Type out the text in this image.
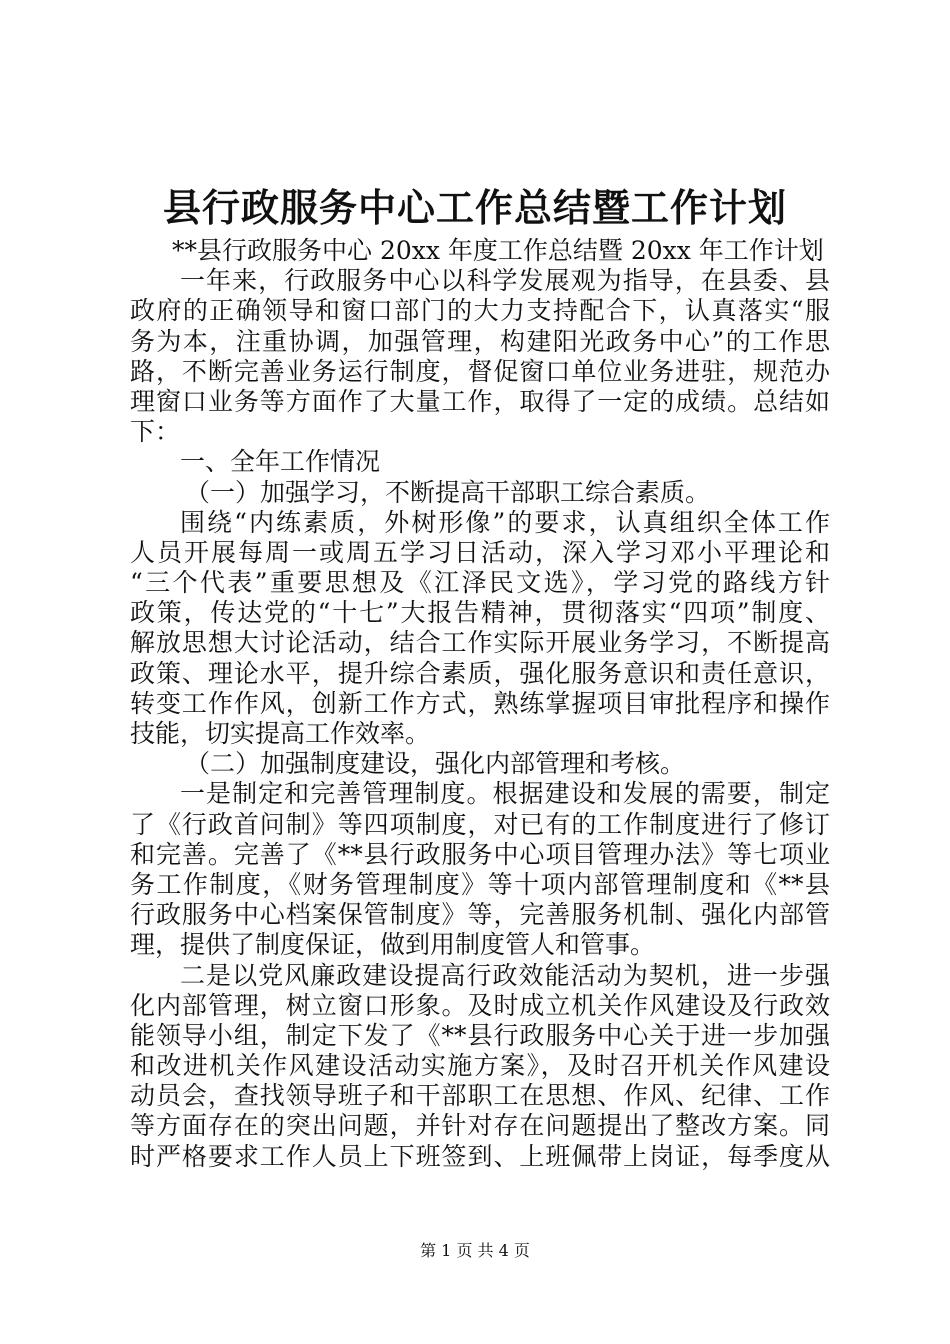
县行政服务中心工作总结暨工作计划
**县行政服务中心 20xx 年度工作总结暨 20xx 年工作计划
一年来，行政服务中心以科学发展观为指导，在县委、县
政府的正确领导和窗口部门的大力支持配合下，认真落实“服
务为本，注重协调，加强管理，构建阳光政务中心”的工作思
路，不断完善业务运行制度，督促窗口单位业务进驻，规范办
理窗口业务等方面作了大量工作，取得了一定的成绩。总结如
下：
一、全年工作情况
（一）加强学习，不断提高干部职工综合素质。
围绕“内练素质，外树形像”的要求，认真组织全体工作
人员开展每周一或周五学习日活动，深入学习邓小平理论和
“三个代表”重要思想及《江泽民文选》，学习党的路线方针
政策，传达党的“十七”大报告精神，贯彻落实“四项”制度、
解放思想大讨论活动，结合工作实际开展业务学习，不断提高
政策、理论水平，提升综合素质，强化服务意识和责任意识，
转变工作作风，创新工作方式，熟练掌握项目审批程序和操作
技能，切实提高工作效率。
（二）加强制度建设，强化内部管理和考核。
一是制定和完善管理制度。根据建设和发展的需要，制定
了《行政首问制》等四项制度，对已有的工作制度进行了修订
和完善。完善了《**县行政服务中心项目管理办法》等七项业
务工作制度，《财务管理制度》等十项内部管理制度和《**县
行政服务中心档案保管制度》等，完善服务机制、强化内部管
理，提供了制度保证，做到用制度管人和管事。
二是以党风廉政建设提高行政效能活动为契机，进一步强
化内部管理，树立窗口形象。及时成立机关作风建设及行政效
能领导小组，制定下发了《**县行政服务中心关于进一步加强
和改进机关作风建设活动实施方案》，及时召开机关作风建设
动员会，查找领导班子和干部职工在思想、作风、纪律、工作
等方面存在的突出问题，并针对存在问题提出了整改方案。同
时严格要求工作人员上下班签到、上班佩带上岗证，每季度从
第 1 页 共 4 页
